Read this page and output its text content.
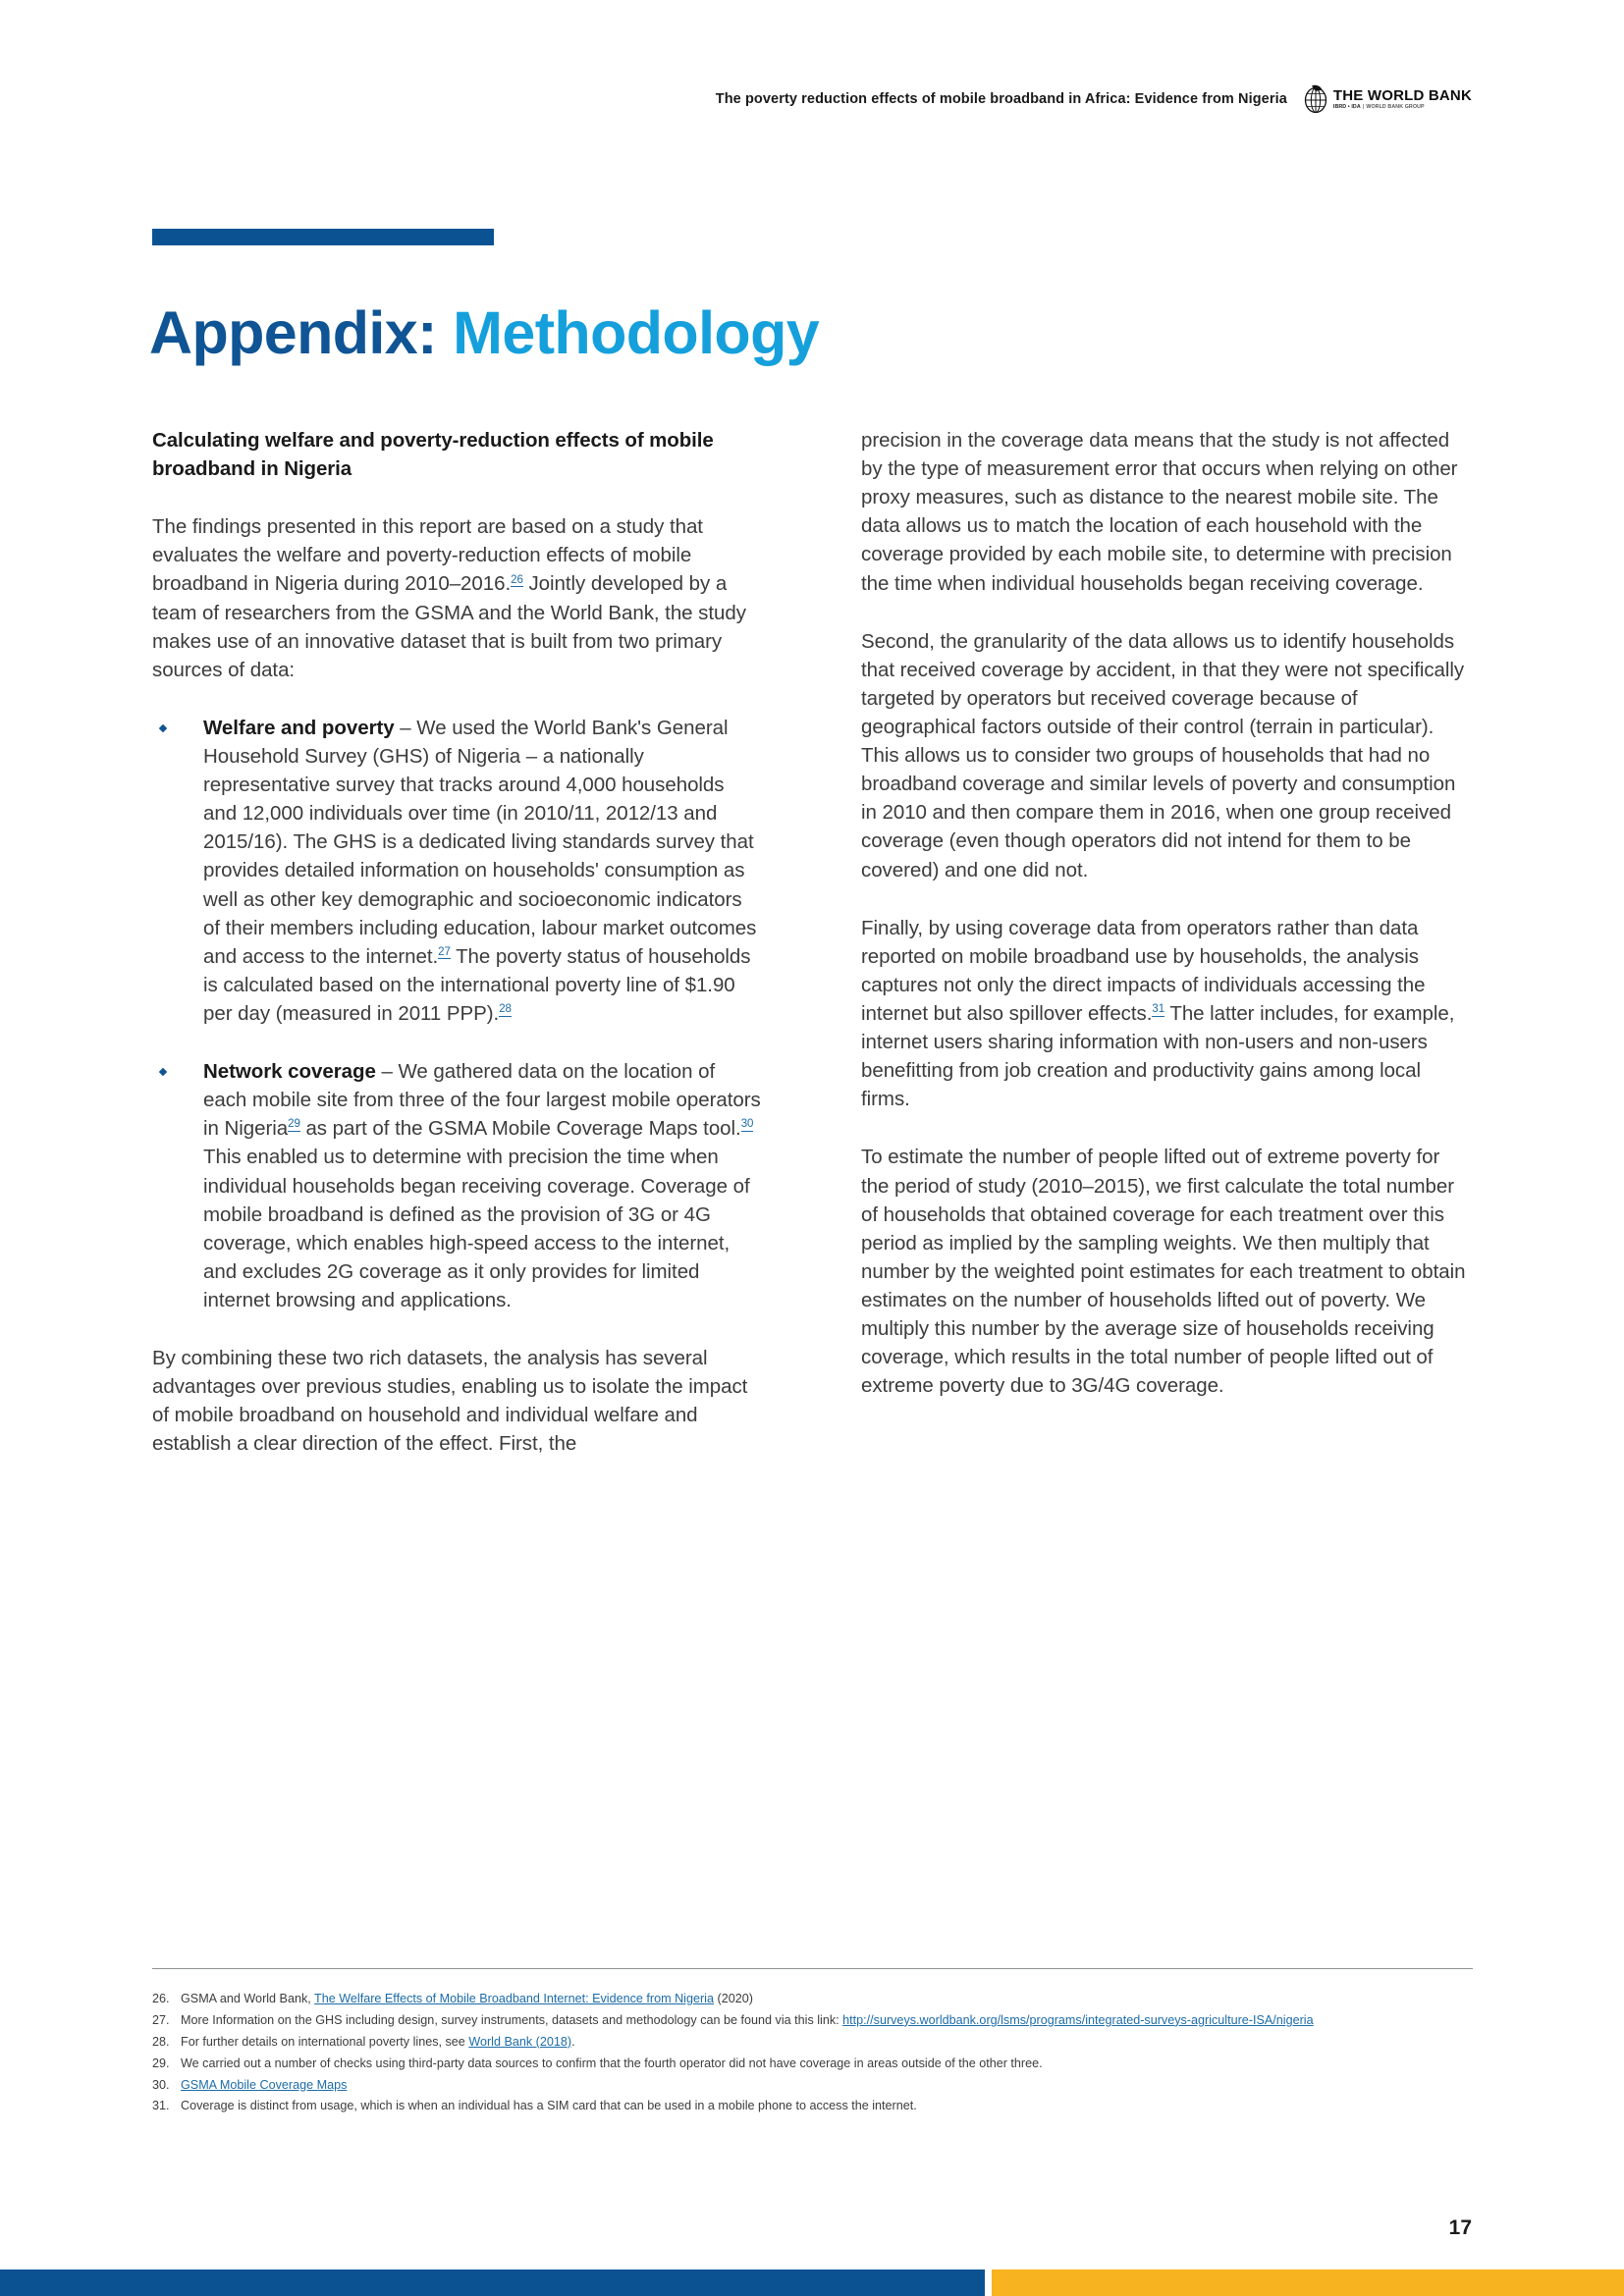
The poverty reduction effects of mobile broadband in Africa: Evidence from Nigeria	THE WORLD BANK
IBRD • IDA | WORLD BANK GROUP
Appendix: Methodology
Calculating welfare and poverty-reduction effects of mobile broadband in Nigeria

The findings presented in this report are based on a study that evaluates the welfare and poverty-reduction effects of mobile broadband in Nigeria during 2010–2016.26 Jointly developed by a team of researchers from the GSMA and the World Bank, the study makes use of an innovative dataset that is built from two primary sources of data:

Welfare and poverty – We used the World Bank's General Household Survey (GHS) of Nigeria – a nationally representative survey that tracks around 4,000 households and 12,000 individuals over time (in 2010/11, 2012/13 and 2015/16). The GHS is a dedicated living standards survey that provides detailed information on households' consumption as well as other key demographic and socioeconomic indicators of their members including education, labour market outcomes and access to the internet.$^{27}$ The poverty status of households is calculated based on the international poverty line of $1.90 per day (measured in 2011 PPP).$^{28}$
Network coverage – We gathered data on the location of each mobile site from three of the four largest mobile operators in Nigeria$^{29}$ as part of the GSMA Mobile Coverage Maps tool.$^{30}$ This enabled us to determine with precision the time when individual households began receiving coverage. Coverage of mobile broadband is defined as the provision of 3G or 4G coverage, which enables high-speed access to the internet, and excludes 2G coverage as it only provides for limited internet browsing and applications.

By combining these two rich datasets, the analysis has several advantages over previous studies, enabling us to isolate the impact of mobile broadband on household and individual welfare and establish a clear direction of the effect. First, the

precision in the coverage data means that the study is not affected by the type of measurement error that occurs when relying on other proxy measures, such as distance to the nearest mobile site. The data allows us to match the location of each household with the coverage provided by each mobile site, to determine with precision the time when individual households began receiving coverage.

Second, the granularity of the data allows us to identify households that received coverage by accident, in that they were not specifically targeted by operators but received coverage because of geographical factors outside of their control (terrain in particular). This allows us to consider two groups of households that had no broadband coverage and similar levels of poverty and consumption in 2010 and then compare them in 2016, when one group received coverage (even though operators did not intend for them to be covered) and one did not.

Finally, by using coverage data from operators rather than data reported on mobile broadband use by households, the analysis captures not only the direct impacts of individuals accessing the internet but also spillover effects.$^{31}$ The latter includes, for example, internet users sharing information with non-users and non-users benefitting from job creation and productivity gains among local firms.

To estimate the number of people lifted out of extreme poverty for the period of study (2010–2015), we first calculate the total number of households that obtained coverage for each treatment over this period as implied by the sampling weights. We then multiply that number by the weighted point estimates for each treatment to obtain estimates on the number of households lifted out of poverty. We multiply this number by the average size of households receiving coverage, which results in the total number of people lifted out of extreme poverty due to 3G/4G coverage.

26. GSMA and World Bank, The Welfare Effects of Mobile Broadband Internet: Evidence from Nigeria (2020)
27. More Information on the GHS including design, survey instruments, datasets and methodology can be found via this link: http://surveys.worldbank.org/lsms/programs/integrated-surveys-agriculture-ISA/nigeria
28. For further details on international poverty lines, see World Bank (2018).
29. We carried out a number of checks using third-party data sources to confirm that the fourth operator did not have coverage in areas outside of the other three.
30. GSMA Mobile Coverage Maps
31. Coverage is distinct from usage, which is when an individual has a SIM card that can be used in a mobile phone to access the internet.
17
